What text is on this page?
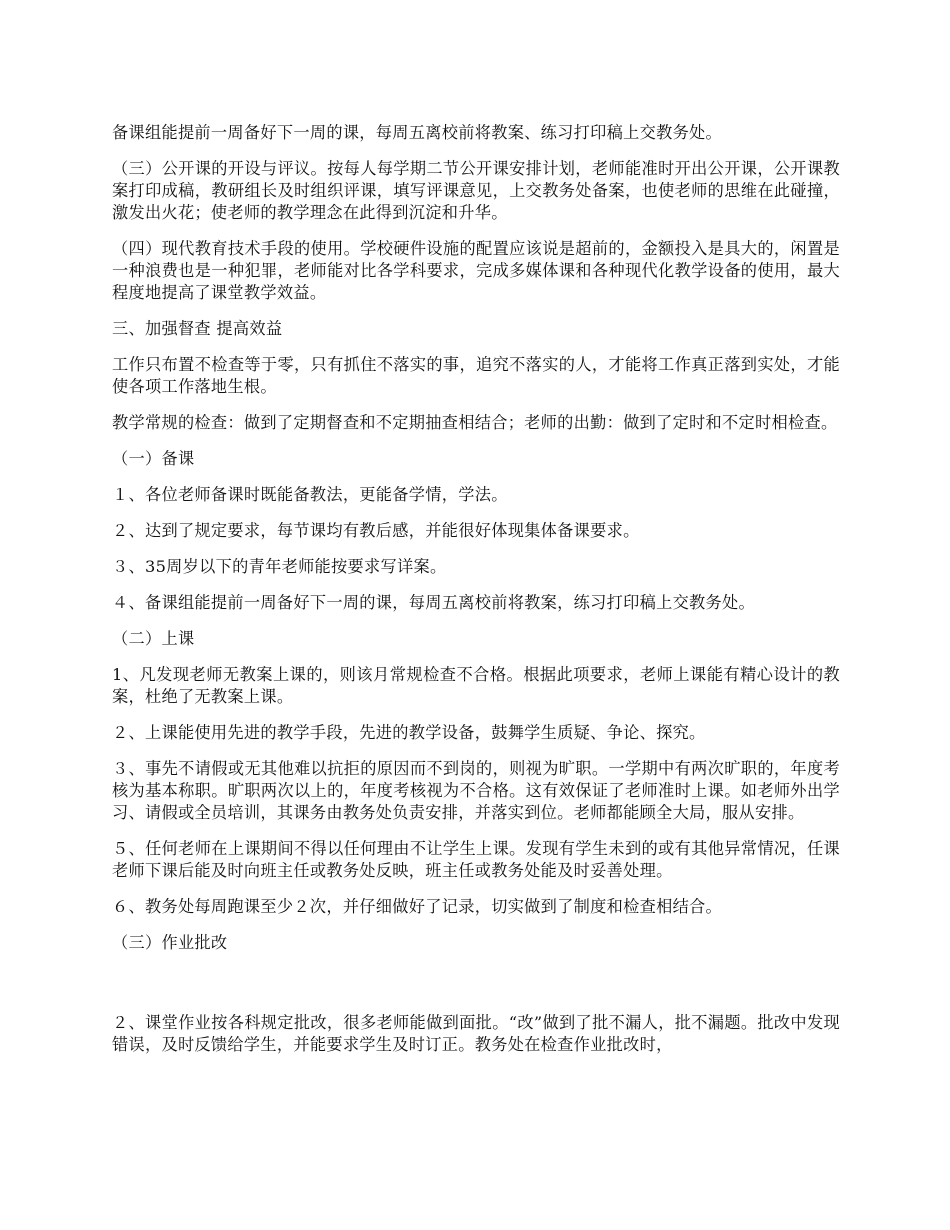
备课组能提前一周备好下一周的课，每周五离校前将教案、练习打印稿上交教务处。

（三）公开课的开设与评议。按每人每学期二节公开课安排计划，老师能准时开出公开课，公开课教案打印成稿，教研组长及时组织评课，填写评课意见，上交教务处备案，也使老师的思维在此碰撞，激发出火花；使老师的教学理念在此得到沉淀和升华。

（四）现代教育技术手段的使用。学校硬件设施的配置应该说是超前的，金额投入是具大的，闲置是一种浪费也是一种犯罪，老师能对比各学科要求，完成多媒体课和各种现代化教学设备的使用，最大程度地提高了课堂教学效益。

三、加强督查 提高效益

工作只布置不检查等于零，只有抓住不落实的事，追究不落实的人，才能将工作真正落到实处，才能使各项工作落地生根。

教学常规的检查：做到了定期督查和不定期抽查相结合；老师的出勤：做到了定时和不定时相检查。

（一）备课

１、各位老师备课时既能备教法，更能备学情，学法。

２、达到了规定要求，每节课均有教后感，并能很好体现集体备课要求。

３、35周岁以下的青年老师能按要求写详案。

４、备课组能提前一周备好下一周的课，每周五离校前将教案，练习打印稿上交教务处。

（二）上课

1、凡发现老师无教案上课的，则该月常规检查不合格。根据此项要求，老师上课能有精心设计的教案，杜绝了无教案上课。

２、上课能使用先进的教学手段，先进的教学设备，鼓舞学生质疑、争论、探究。

３、事先不请假或无其他难以抗拒的原因而不到岗的，则视为旷职。一学期中有两次旷职的，年度考核为基本称职。旷职两次以上的，年度考核视为不合格。这有效保证了老师准时上课。如老师外出学习、请假或全员培训，其课务由教务处负责安排，并落实到位。老师都能顾全大局，服从安排。

５、任何老师在上课期间不得以任何理由不让学生上课。发现有学生未到的或有其他异常情况，任课老师下课后能及时向班主任或教务处反映，班主任或教务处能及时妥善处理。

６、教务处每周跑课至少２次，并仔细做好了记录，切实做到了制度和检查相结合。

（三）作业批改

２、课堂作业按各科规定批改，很多老师能做到面批。“改”做到了批不漏人，批不漏题。批改中发现错误，及时反馈给学生，并能要求学生及时订正。教务处在检查作业批改时，
